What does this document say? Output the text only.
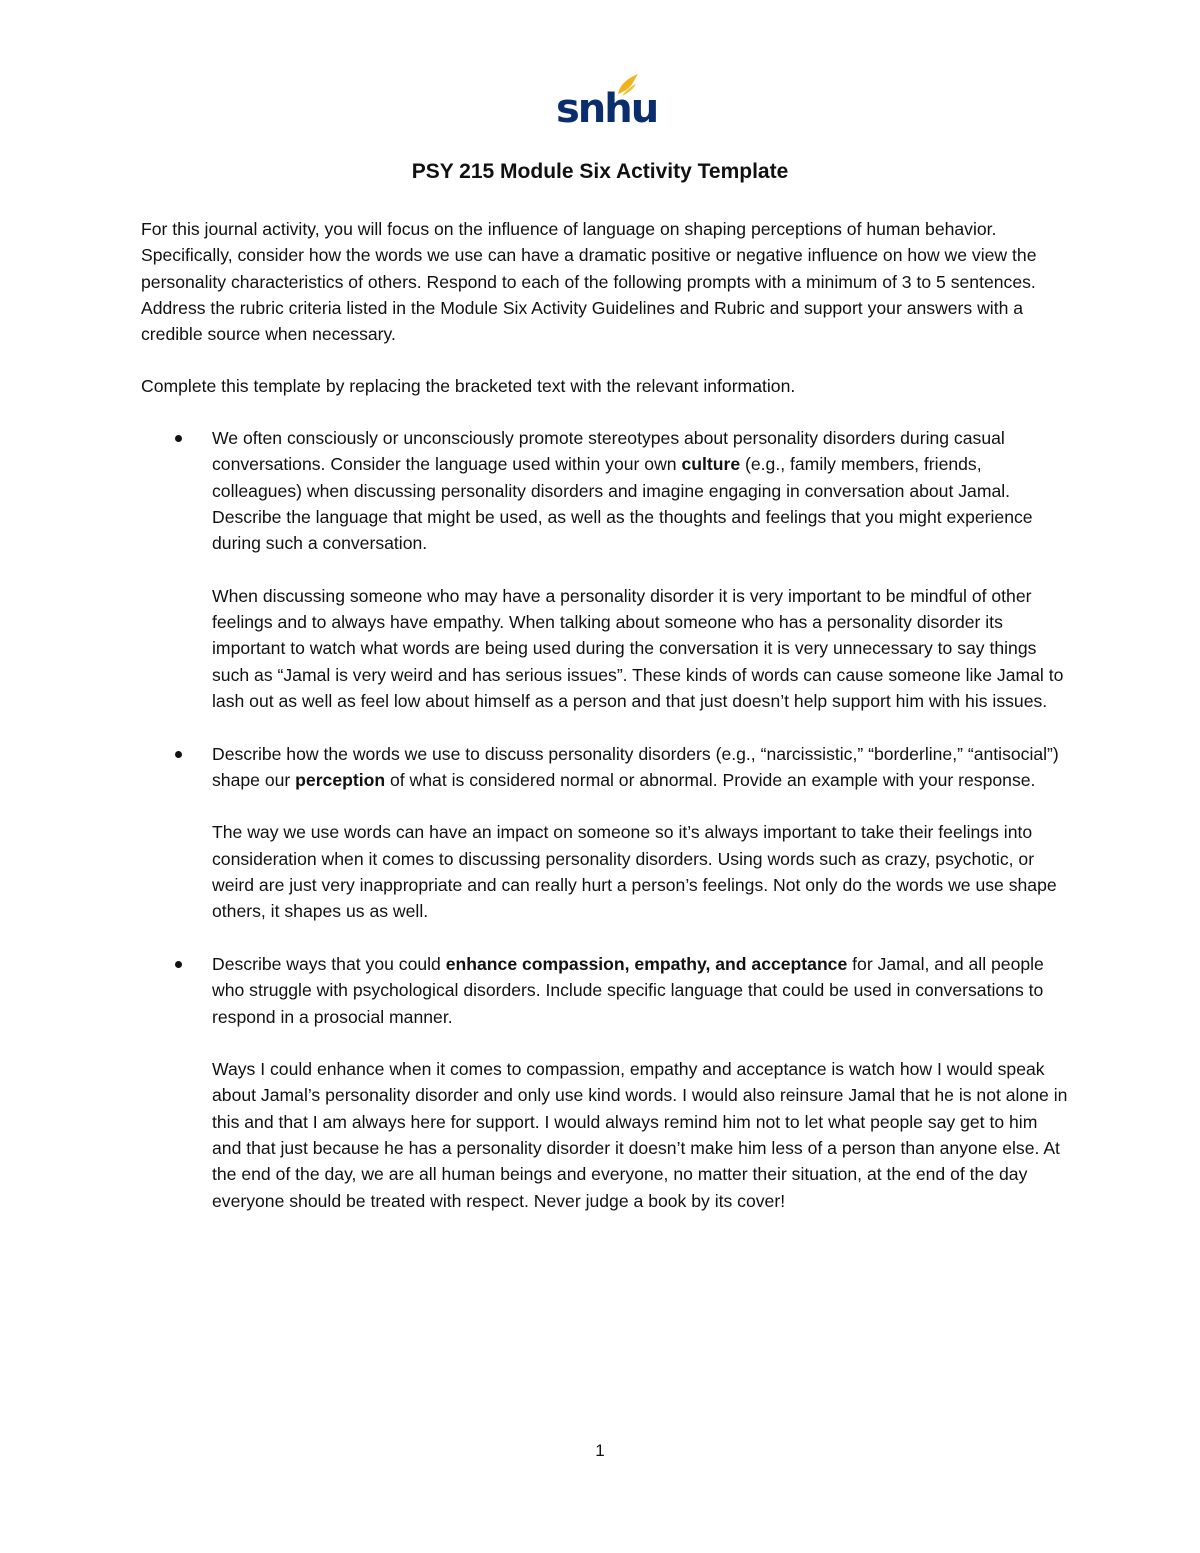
snhu
PSY 215 Module Six Activity Template

For this journal activity, you will focus on the influence of language on shaping perceptions of human behavior. Specifically, consider how the words we use can have a dramatic positive or negative influence on how we view the personality characteristics of others. Respond to each of the following prompts with a minimum of 3 to 5 sentences. Address the rubric criteria listed in the Module Six Activity Guidelines and Rubric and support your answers with a credible source when necessary.

Complete this template by replacing the bracketed text with the relevant information.

We often consciously or unconsciously promote stereotypes about personality disorders during casual conversations. Consider the language used within your own culture (e.g., family members, friends, colleagues) when discussing personality disorders and imagine engaging in conversation about Jamal. Describe the language that might be used, as well as the thoughts and feelings that you might experience during such a conversation.

When discussing someone who may have a personality disorder it is very important to be mindful of other feelings and to always have empathy. When talking about someone who has a personality disorder its important to watch what words are being used during the conversation it is very unnecessary to say things such as “Jamal is very weird and has serious issues”. These kinds of words can cause someone like Jamal to lash out as well as feel low about himself as a person and that just doesn’t help support him with his issues.

Describe how the words we use to discuss personality disorders (e.g., “narcissistic,” “borderline,” “antisocial”) shape our perception of what is considered normal or abnormal. Provide an example with your response.

The way we use words can have an impact on someone so it’s always important to take their feelings into consideration when it comes to discussing personality disorders. Using words such as crazy, psychotic, or weird are just very inappropriate and can really hurt a person’s feelings. Not only do the words we use shape others, it shapes us as well.

Describe ways that you could enhance compassion, empathy, and acceptance for Jamal, and all people who struggle with psychological disorders. Include specific language that could be used in conversations to respond in a prosocial manner.

Ways I could enhance when it comes to compassion, empathy and acceptance is watch how I would speak about Jamal’s personality disorder and only use kind words. I would also reinsure Jamal that he is not alone in this and that I am always here for support. I would always remind him not to let what people say get to him and that just because he has a personality disorder it doesn’t make him less of a person than anyone else. At the end of the day, we are all human beings and everyone, no matter their situation, at the end of the day everyone should be treated with respect. Never judge a book by its cover!

1
